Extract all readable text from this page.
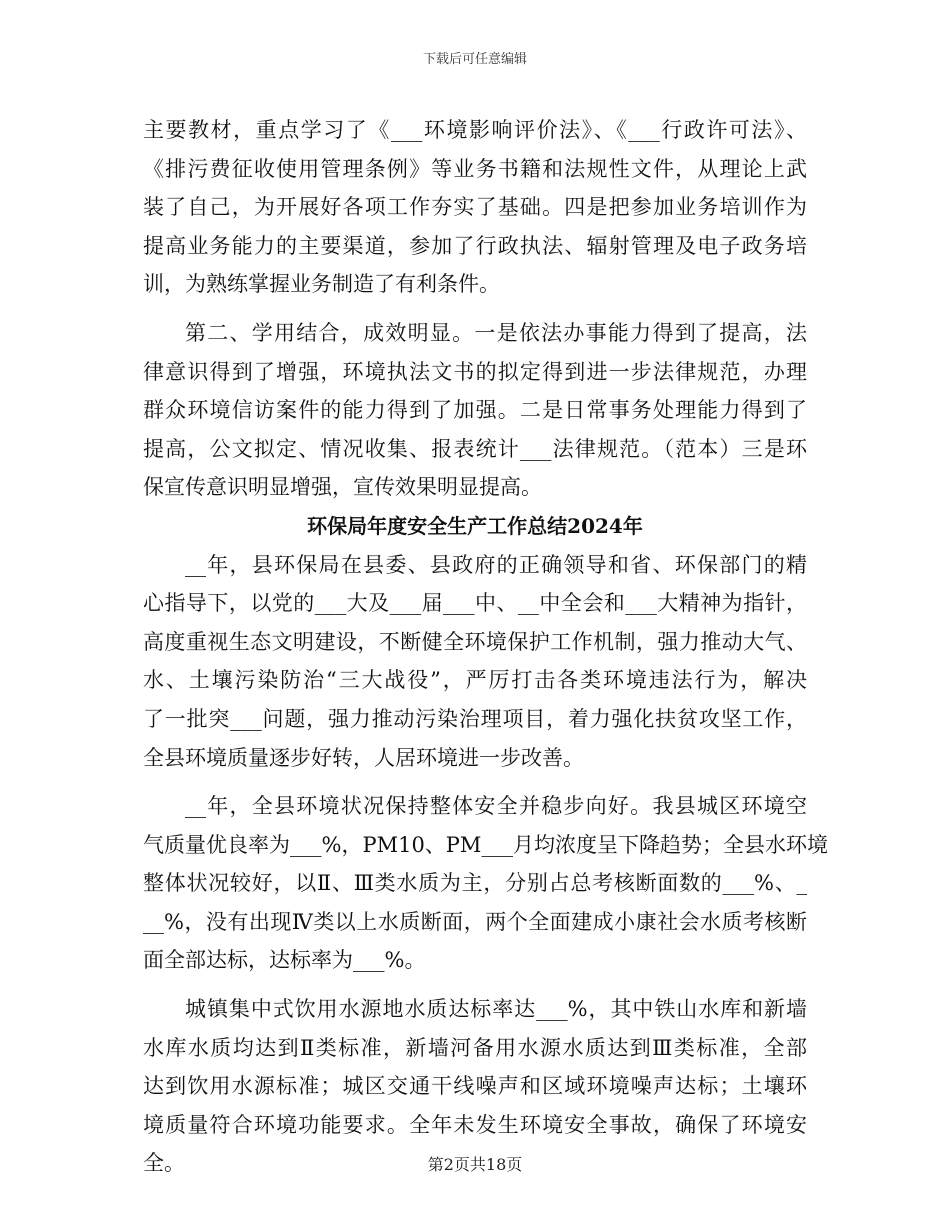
下载后可任意编辑
主要教材，重点学习了《___环境影响评价法》、《___行政许可法》、
《排污费征收使用管理条例》等业务书籍和法规性文件，从理论上武
装了自己，为开展好各项工作夯实了基础。四是把参加业务培训作为
提高业务能力的主要渠道，参加了行政执法、辐射管理及电子政务培
训，为熟练掌握业务制造了有利条件。
第二、学用结合，成效明显。一是依法办事能力得到了提高，法
律意识得到了增强，环境执法文书的拟定得到进一步法律规范，办理
群众环境信访案件的能力得到了加强。二是日常事务处理能力得到了
提高，公文拟定、情况收集、报表统计___法律规范。（范本）三是环
保宣传意识明显增强，宣传效果明显提高。
环保局年度安全生产工作总结2024年
__年，县环保局在县委、县政府的正确领导和省、环保部门的精
心指导下，以党的___大及___届___中、__中全会和___大精神为指针，
高度重视生态文明建设，不断健全环境保护工作机制，强力推动大气、
水、土壤污染防治“三大战役”，严厉打击各类环境违法行为，解决
了一批突___问题，强力推动污染治理项目，着力强化扶贫攻坚工作，
全县环境质量逐步好转，人居环境进一步改善。
__年，全县环境状况保持整体安全并稳步向好。我县城区环境空
气质量优良率为___%，PM10、PM___月均浓度呈下降趋势；全县水环境
整体状况较好，以Ⅱ、Ⅲ类水质为主，分别占总考核断面数的___%、_
__%，没有出现Ⅳ类以上水质断面，两个全面建成小康社会水质考核断
面全部达标，达标率为___%。
城镇集中式饮用水源地水质达标率达___%，其中铁山水库和新墙
水库水质均达到Ⅱ类标准，新墙河备用水源水质达到Ⅲ类标准，全部
达到饮用水源标准；城区交通干线噪声和区域环境噪声达标；土壤环
境质量符合环境功能要求。全年未发生环境安全事故，确保了环境安
全。	第2页共18页
